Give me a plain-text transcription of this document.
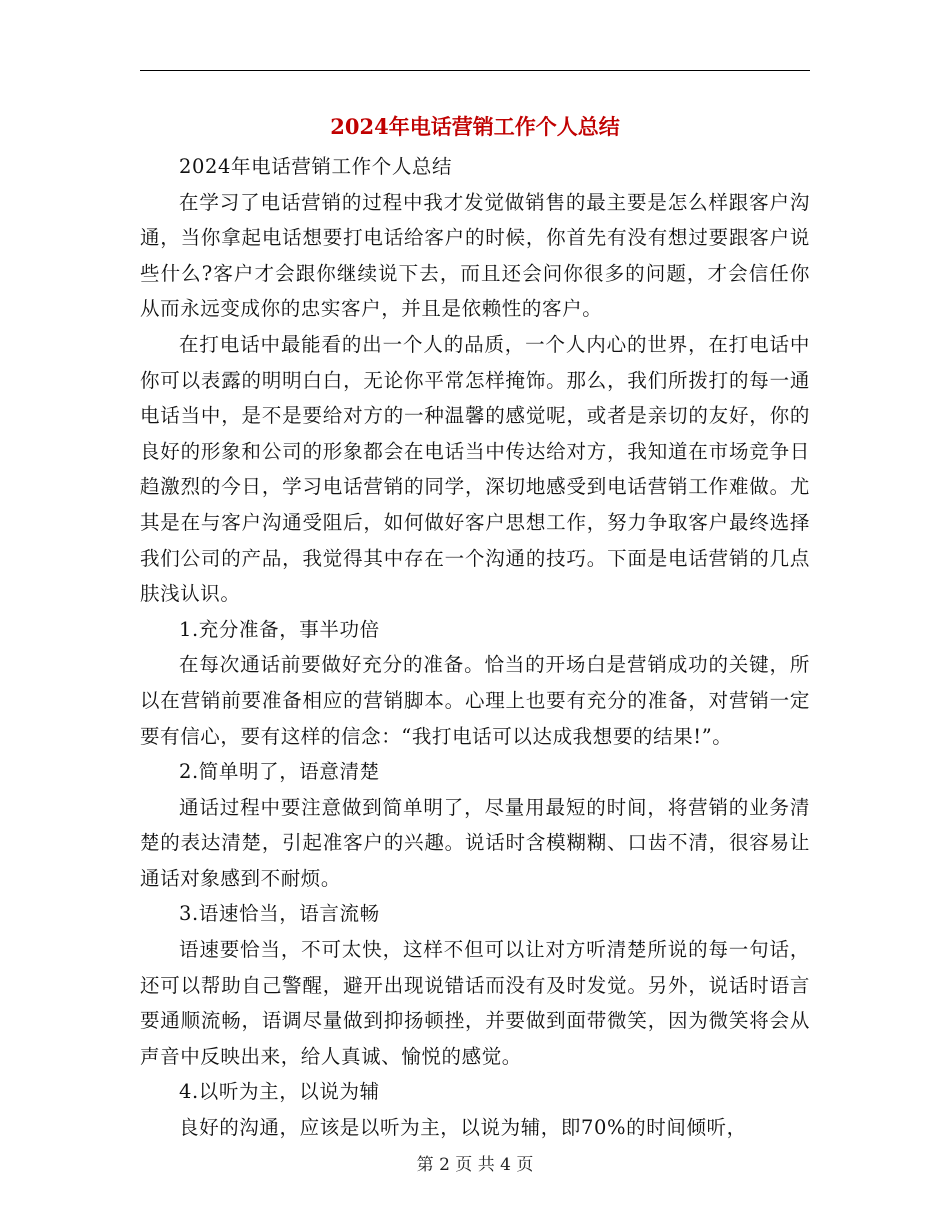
2024年电话营销工作个人总结

2024年电话营销工作个人总结

在学习了电话营销的过程中我才发觉做销售的最主要是怎么样跟客户沟通，当你拿起电话想要打电话给客户的时候，你首先有没有想过要跟客户说些什么?客户才会跟你继续说下去，而且还会问你很多的问题，才会信任你从而永远变成你的忠实客户，并且是依赖性的客户。

在打电话中最能看的出一个人的品质，一个人内心的世界，在打电话中你可以表露的明明白白，无论你平常怎样掩饰。那么，我们所拨打的每一通电话当中，是不是要给对方的一种温馨的感觉呢，或者是亲切的友好，你的良好的形象和公司的形象都会在电话当中传达给对方，我知道在市场竞争日趋激烈的今日，学习电话营销的同学，深切地感受到电话营销工作难做。尤其是在与客户沟通受阻后，如何做好客户思想工作，努力争取客户最终选择我们公司的产品，我觉得其中存在一个沟通的技巧。下面是电话营销的几点肤浅认识。

1.充分准备，事半功倍

在每次通话前要做好充分的准备。恰当的开场白是营销成功的关键，所以在营销前要准备相应的营销脚本。心理上也要有充分的准备，对营销一定要有信心，要有这样的信念：“我打电话可以达成我想要的结果!”。

2.简单明了，语意清楚

通话过程中要注意做到简单明了，尽量用最短的时间，将营销的业务清楚的表达清楚，引起准客户的兴趣。说话时含模糊糊、口齿不清，很容易让通话对象感到不耐烦。

3.语速恰当，语言流畅

语速要恰当，不可太快，这样不但可以让对方听清楚所说的每一句话，还可以帮助自己警醒，避开出现说错话而没有及时发觉。另外，说话时语言要通顺流畅，语调尽量做到抑扬顿挫，并要做到面带微笑，因为微笑将会从声音中反映出来，给人真诚、愉悦的感觉。

4.以听为主，以说为辅

良好的沟通，应该是以听为主，以说为辅，即70%的时间倾听，

第 2 页 共 4 页
